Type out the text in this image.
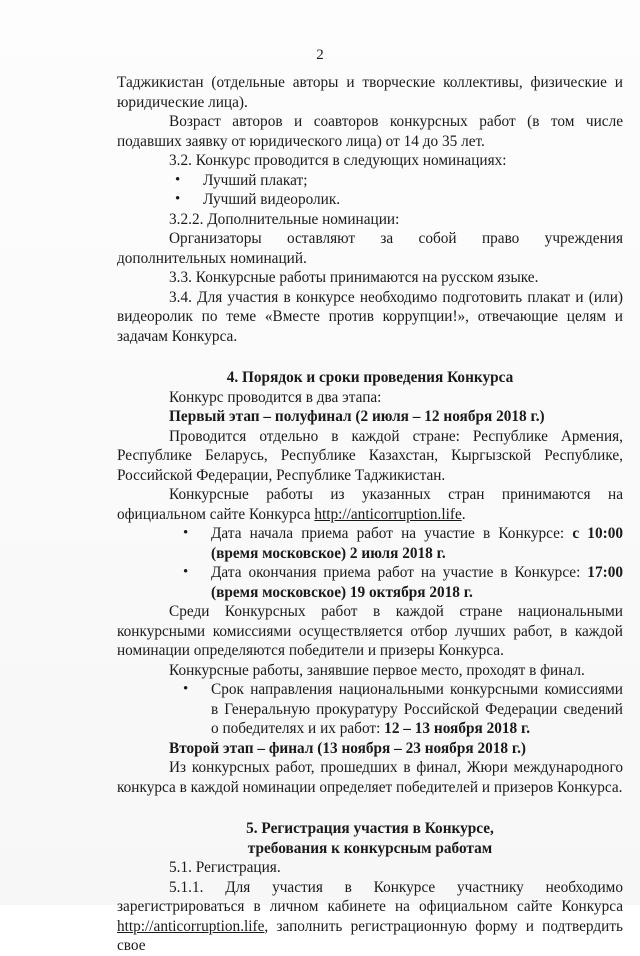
2

Таджикистан (отдельные авторы и творческие коллективы, физические и юридические лица).

Возраст авторов и соавторов конкурсных работ (в том числе подавших заявку от юридического лица) от 14 до 35 лет.

3.2. Конкурс проводится в следующих номинациях:

• Лучший плакат;
• Лучший видеоролик.

3.2.2. Дополнительные номинации:

Организаторы оставляют за собой право учреждения дополнительных номинаций.

3.3. Конкурсные работы принимаются на русском языке.

3.4. Для участия в конкурсе необходимо подготовить плакат и (или) видеоролик по теме «Вместе против коррупции!», отвечающие целям и задачам Конкурса.

4. Порядок и сроки проведения Конкурса

Конкурс проводится в два этапа:

Первый этап – полуфинал (2 июля – 12 ноября 2018 г.)

Проводится отдельно в каждой стране: Республике Армения, Республике Беларусь, Республике Казахстан, Кыргызской Республике, Российской Федерации, Республике Таджикистан.

Конкурсные работы из указанных стран принимаются на официальном сайте Конкурса http://anticorruption.life.

• Дата начала приема работ на участие в Конкурсе: с 10:00 (время московское) 2 июля 2018 г.

• Дата окончания приема работ на участие в Конкурсе: 17:00 (время московское) 19 октября 2018 г.

Среди Конкурсных работ в каждой стране национальными конкурсными комиссиями осуществляется отбор лучших работ, в каждой номинации определяются победители и призеры Конкурса.

Конкурсные работы, занявшие первое место, проходят в финал.

• Срок направления национальными конкурсными комиссиями в Генеральную прокуратуру Российской Федерации сведений о победителях и их работ: 12 – 13 ноября 2018 г.

Второй этап – финал (13 ноября – 23 ноября 2018 г.)

Из конкурсных работ, прошедших в финал, Жюри международного конкурса в каждой номинации определяет победителей и призеров Конкурса.

5. Регистрация участия в Конкурсе,
требования к конкурсным работам

5.1. Регистрация.

5.1.1. Для участия в Конкурсе участнику необходимо зарегистрироваться в личном кабинете на официальном сайте Конкурса http://anticorruption.life, заполнить регистрационную форму и подтвердить свое
